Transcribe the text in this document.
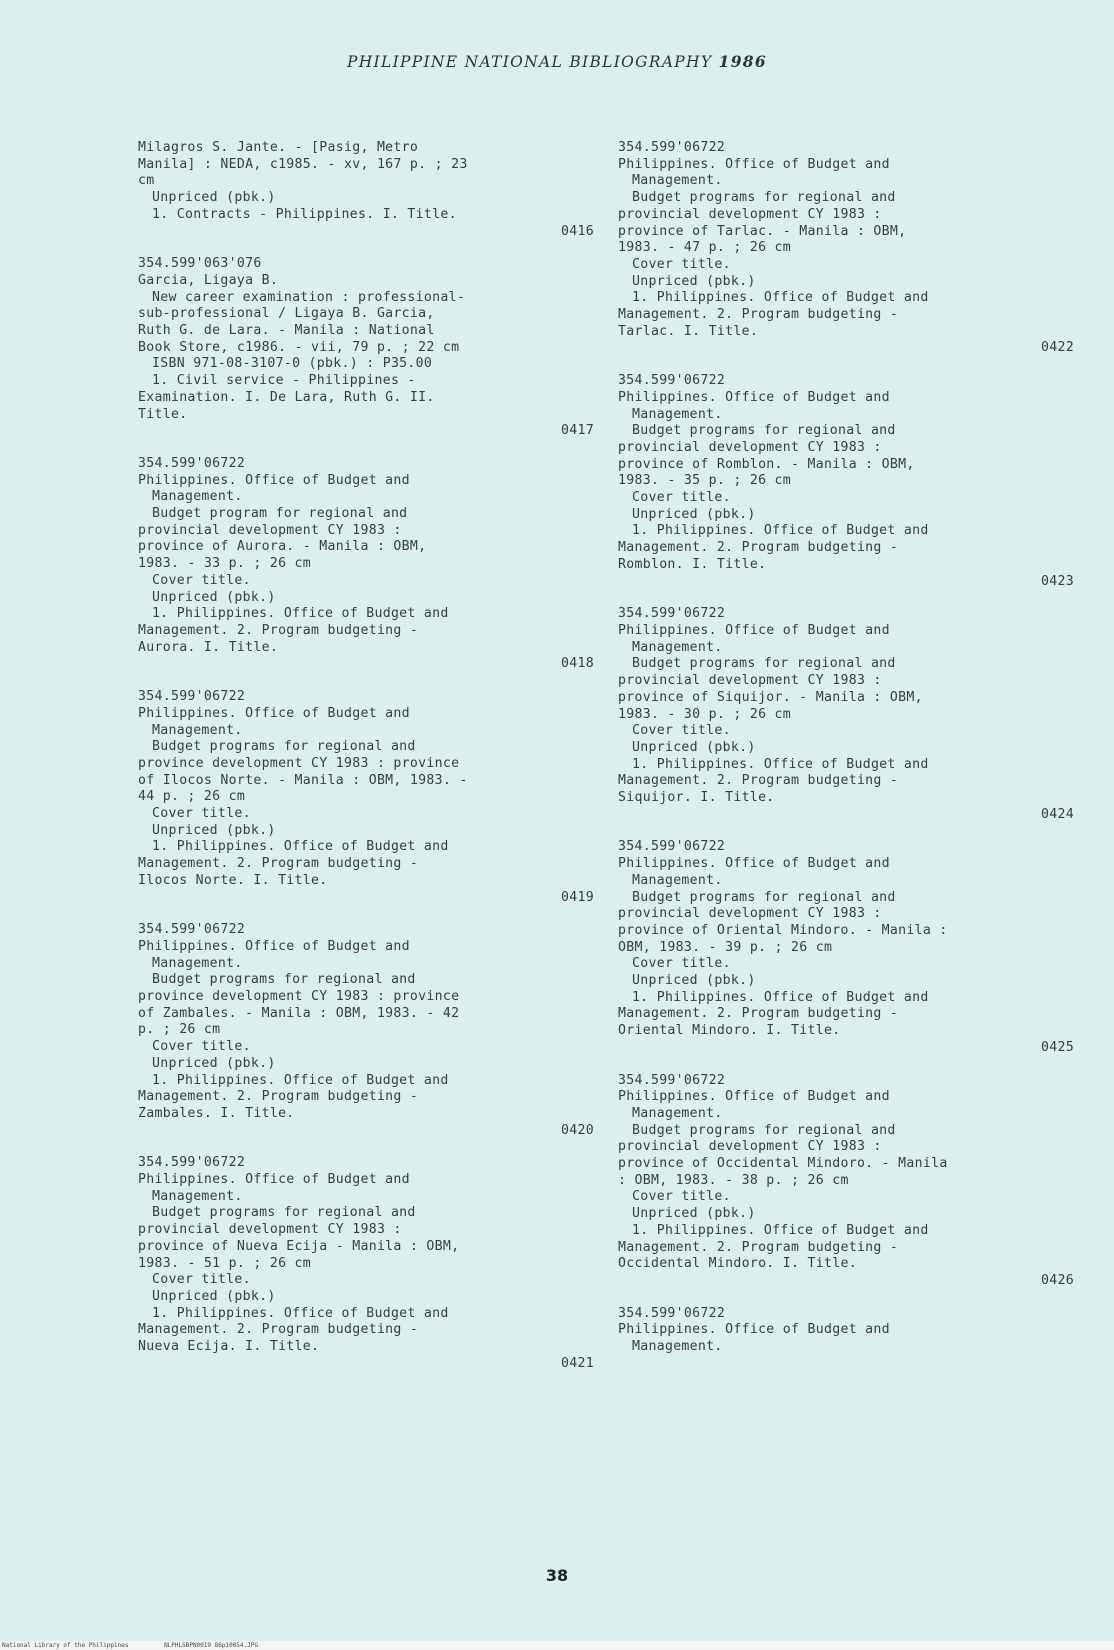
PHILIPPINE NATIONAL BIBLIOGRAPHY 1986
Milagros S. Jante. - [Pasig, Metro
Manila] : NEDA, c1985. - xv, 167 p. ; 23
cm
Unpriced (pbk.)
1. Contracts - Philippines. I. Title.
0416
354.599'063'076
Garcia, Ligaya B.
New career examination : professional-
sub-professional / Ligaya B. Garcia,
Ruth G. de Lara. - Manila : National
Book Store, c1986. - vii, 79 p. ; 22 cm
ISBN 971-08-3107-0 (pbk.) : P35.00
1. Civil service - Philippines -
Examination. I. De Lara, Ruth G. II.
Title.
0417
354.599'06722
Philippines. Office of Budget and
Management.
Budget program for regional and
provincial development CY 1983 :
province of Aurora. - Manila : OBM,
1983. - 33 p. ; 26 cm
Cover title.
Unpriced (pbk.)
1. Philippines. Office of Budget and
Management. 2. Program budgeting -
Aurora. I. Title.
0418
354.599'06722
Philippines. Office of Budget and
Management.
Budget programs for regional and
province development CY 1983 : province
of Ilocos Norte. - Manila : OBM, 1983. -
44 p. ; 26 cm
Cover title.
Unpriced (pbk.)
1. Philippines. Office of Budget and
Management. 2. Program budgeting -
Ilocos Norte. I. Title.
0419
354.599'06722
Philippines. Office of Budget and
Management.
Budget programs for regional and
province development CY 1983 : province
of Zambales. - Manila : OBM, 1983. - 42
p. ; 26 cm
Cover title.
Unpriced (pbk.)
1. Philippines. Office of Budget and
Management. 2. Program budgeting -
Zambales. I. Title.
0420
354.599'06722
Philippines. Office of Budget and
Management.
Budget programs for regional and
provincial development CY 1983 :
province of Nueva Ecija - Manila : OBM,
1983. - 51 p. ; 26 cm
Cover title.
Unpriced (pbk.)
1. Philippines. Office of Budget and
Management. 2. Program budgeting -
Nueva Ecija. I. Title.
0421
354.599'06722
Philippines. Office of Budget and
Management.
Budget programs for regional and
provincial development CY 1983 :
province of Tarlac. - Manila : OBM,
1983. - 47 p. ; 26 cm
Cover title.
Unpriced (pbk.)
1. Philippines. Office of Budget and
Management. 2. Program budgeting -
Tarlac. I. Title.
0422
354.599'06722
Philippines. Office of Budget and
Management.
Budget programs for regional and
provincial development CY 1983 :
province of Romblon. - Manila : OBM,
1983. - 35 p. ; 26 cm
Cover title.
Unpriced (pbk.)
1. Philippines. Office of Budget and
Management. 2. Program budgeting -
Romblon. I. Title.
0423
354.599'06722
Philippines. Office of Budget and
Management.
Budget programs for regional and
provincial development CY 1983 :
province of Siquijor. - Manila : OBM,
1983. - 30 p. ; 26 cm
Cover title.
Unpriced (pbk.)
1. Philippines. Office of Budget and
Management. 2. Program budgeting -
Siquijor. I. Title.
0424
354.599'06722
Philippines. Office of Budget and
Management.
Budget programs for regional and
provincial development CY 1983 :
province of Oriental Mindoro. - Manila :
OBM, 1983. - 39 p. ; 26 cm
Cover title.
Unpriced (pbk.)
1. Philippines. Office of Budget and
Management. 2. Program budgeting -
Oriental Mindoro. I. Title.
0425
354.599'06722
Philippines. Office of Budget and
Management.
Budget programs for regional and
provincial development CY 1983 :
province of Occidental Mindoro. - Manila
: OBM, 1983. - 38 p. ; 26 cm
Cover title.
Unpriced (pbk.)
1. Philippines. Office of Budget and
Management. 2. Program budgeting -
Occidental Mindoro. I. Title.
0426
354.599'06722
Philippines. Office of Budget and
Management.
38
National Library of the Philippines	NLPHLSBPN0019 86p10054.JPG
